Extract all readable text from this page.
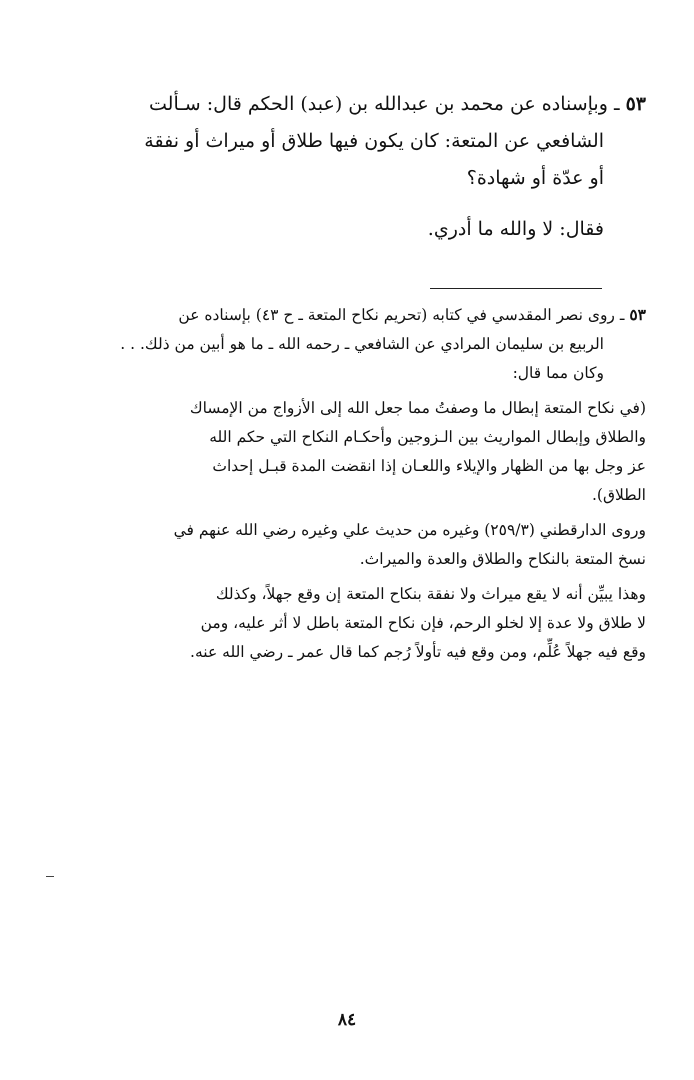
٥٣ ـ وبإسناده عن محمد بن عبدالله بن (عبد) الحكم قال: سـألت
الشافعي عن المتعة: كان يكون فيها طلاق أو ميراث أو نفقة
أو عدّة أو شهادة؟
فقال: لا والله ما أدري.
٥٣ ـ روى نصر المقدسي في كتابه (تحريم نكاح المتعة ـ ح ٤٣) بإسناده عن
الربيع بن سليمان المرادي عن الشافعي ـ رحمه الله ـ ما هو أبين من ذلك. . .
وكان مما قال:
(في نكاح المتعة إبطال ما وصفتُ مما جعل الله إلى الأزواج من الإمساك
والطلاق وإبطال المواريث بين الـزوجين وأحكـام النكاح التي حكم الله
عز وجل بها من الظهار والإيلاء واللعـان إذا انقضت المدة قبـل إحداث
الطلاق).
وروى الدارقطني (٢٥٩/٣) وغيره من حديث علي وغيره رضي الله عنهم في
نسخ المتعة بالنكاح والطلاق والعدة والميراث.
وهذا يبيِّن أنه لا يقع ميراث ولا نفقة بنكاح المتعة إن وقع جهلاً، وكذلك
لا طلاق ولا عدة إلا لخلو الرحم، فإن نكاح المتعة باطل لا أثر عليه، ومن
وقع فيه جهلاً عُلِّم، ومن وقع فيه تأولاً رُجم كما قال عمر ـ رضي الله عنه.
٨٤
